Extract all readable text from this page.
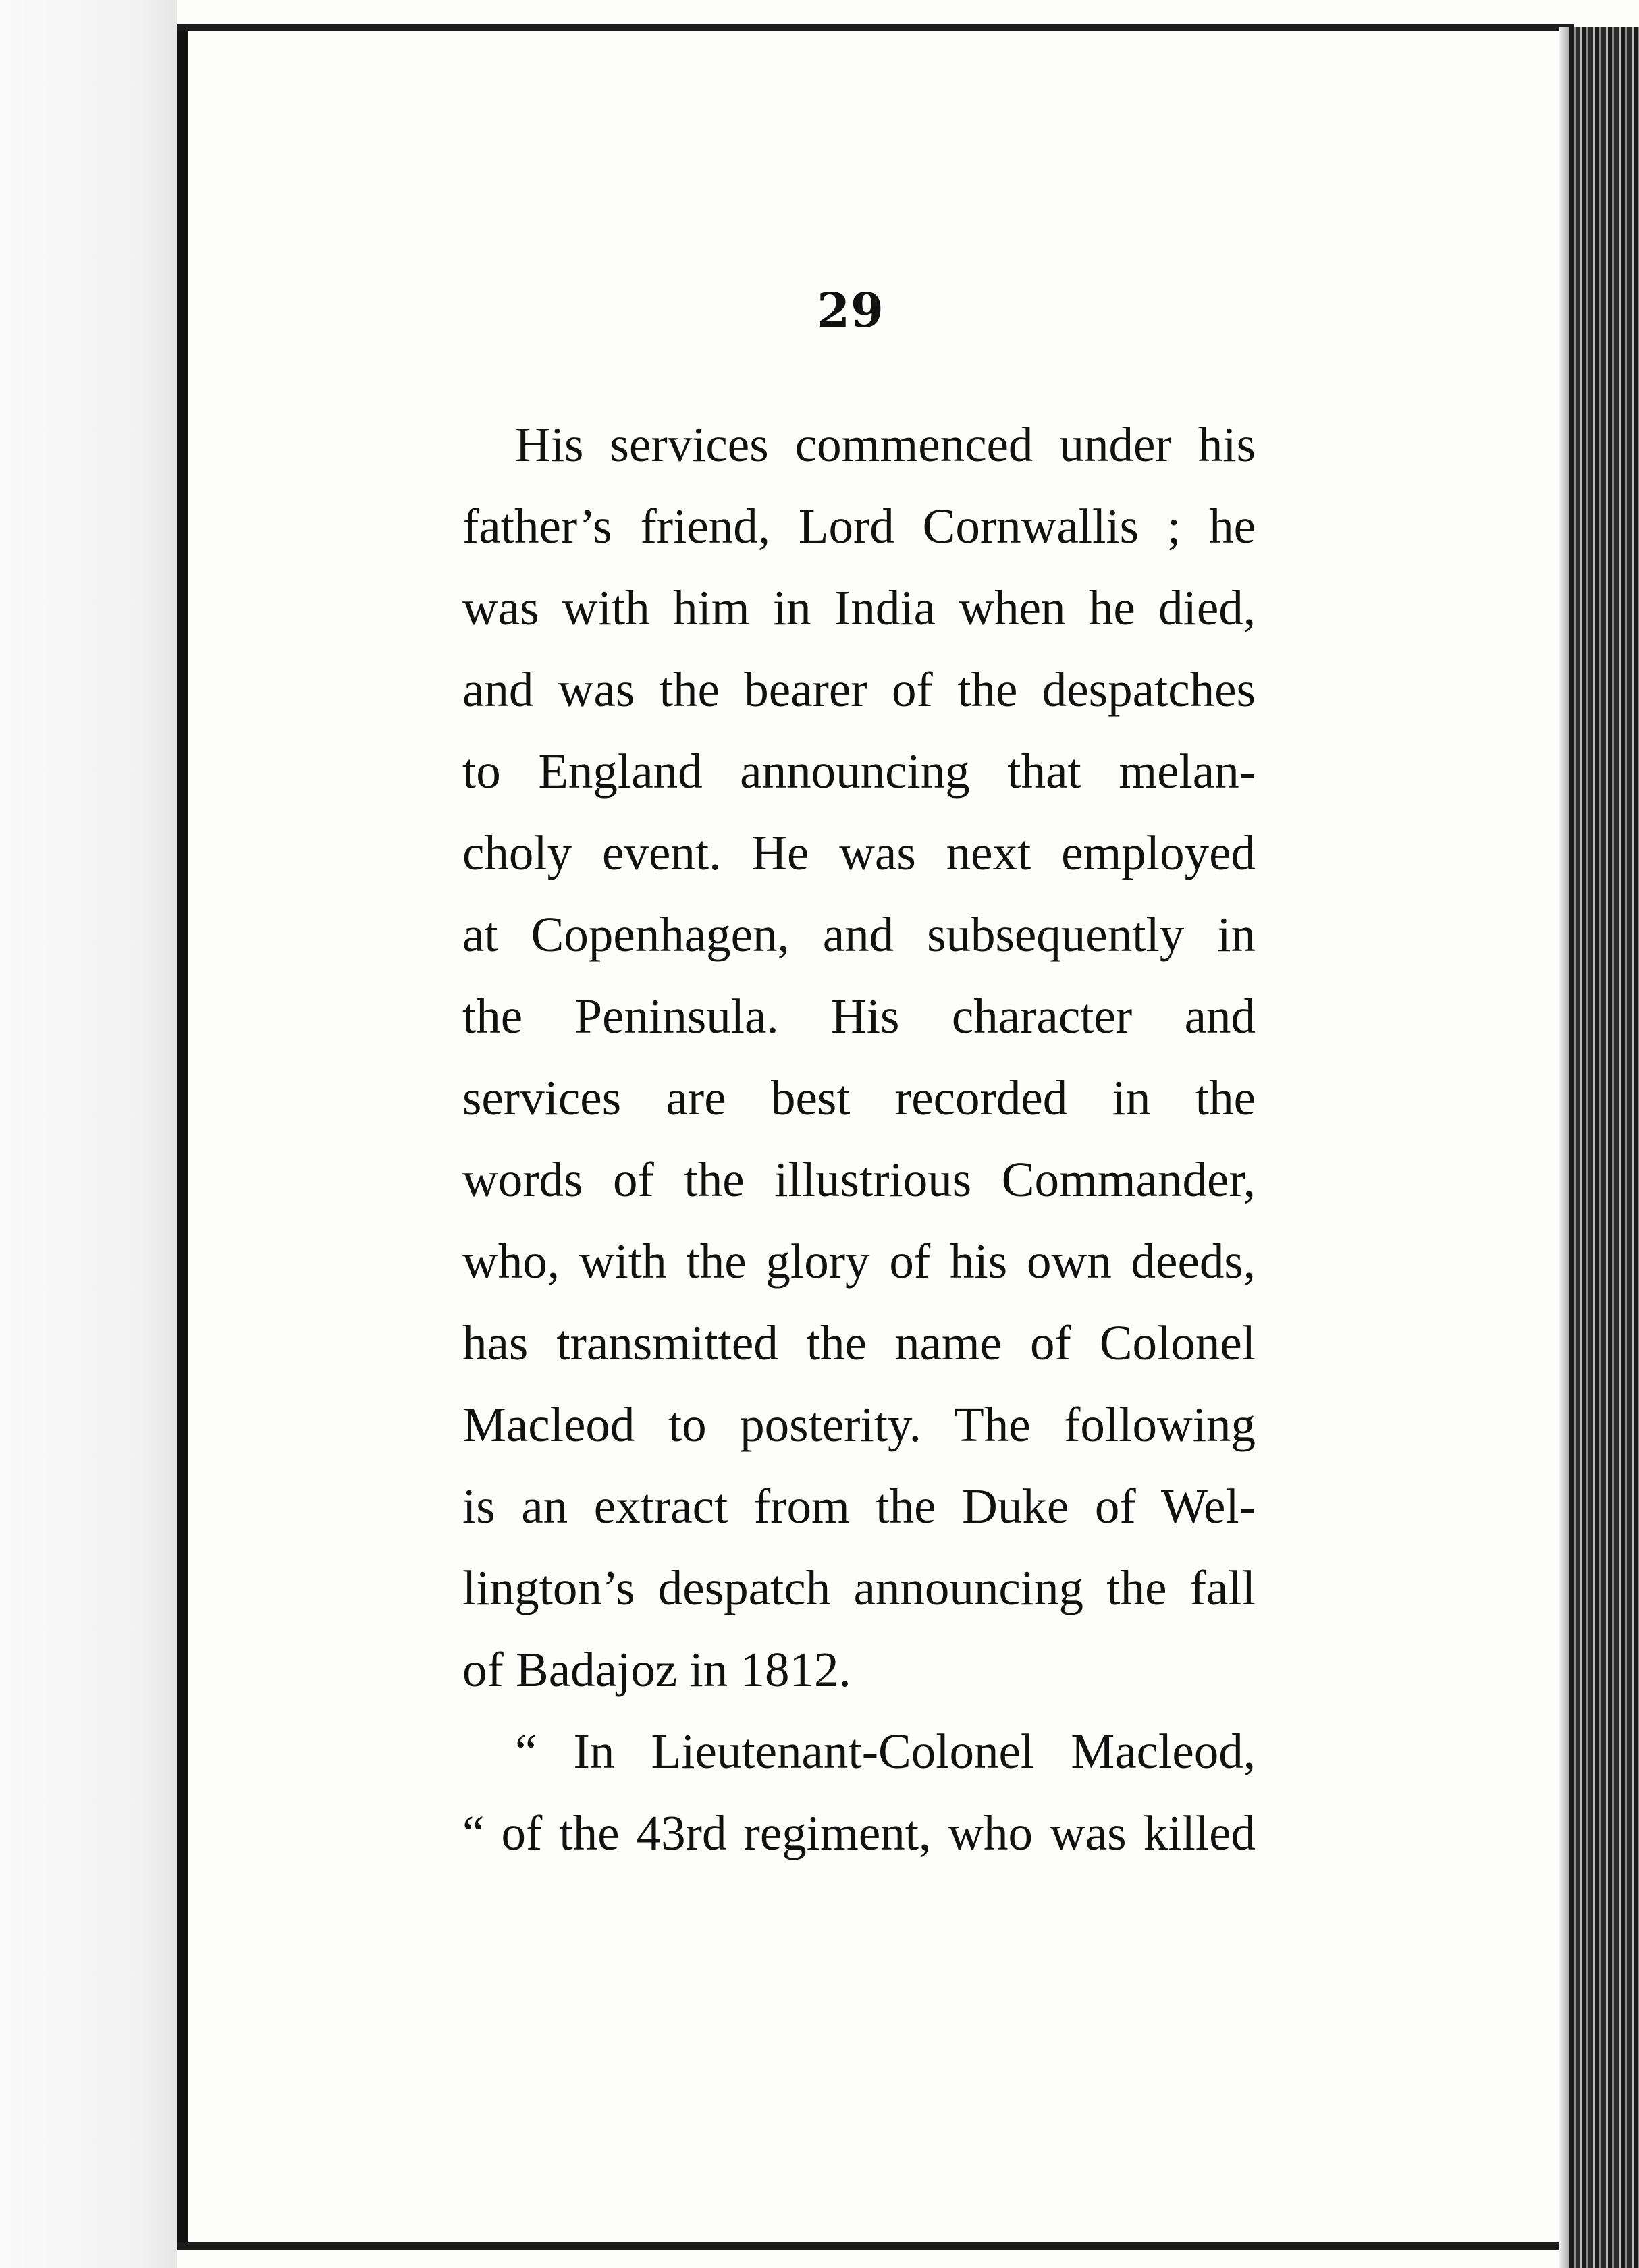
29
His services commenced under his
father’s friend, Lord Cornwallis ; he
was with him in India when he died,
and was the bearer of the despatches
to England announcing that melan-
choly event. He was next employed
at Copenhagen, and subsequently in
the Peninsula. His character and
services are best recorded in the
words of the illustrious Commander,
who, with the glory of his own deeds,
has transmitted the name of Colonel
Macleod to posterity. The following
is an extract from the Duke of Wel-
lington’s despatch announcing the fall
of Badajoz in 1812.
“ In Lieutenant-Colonel Macleod,
“ of the 43rd regiment, who was killed
